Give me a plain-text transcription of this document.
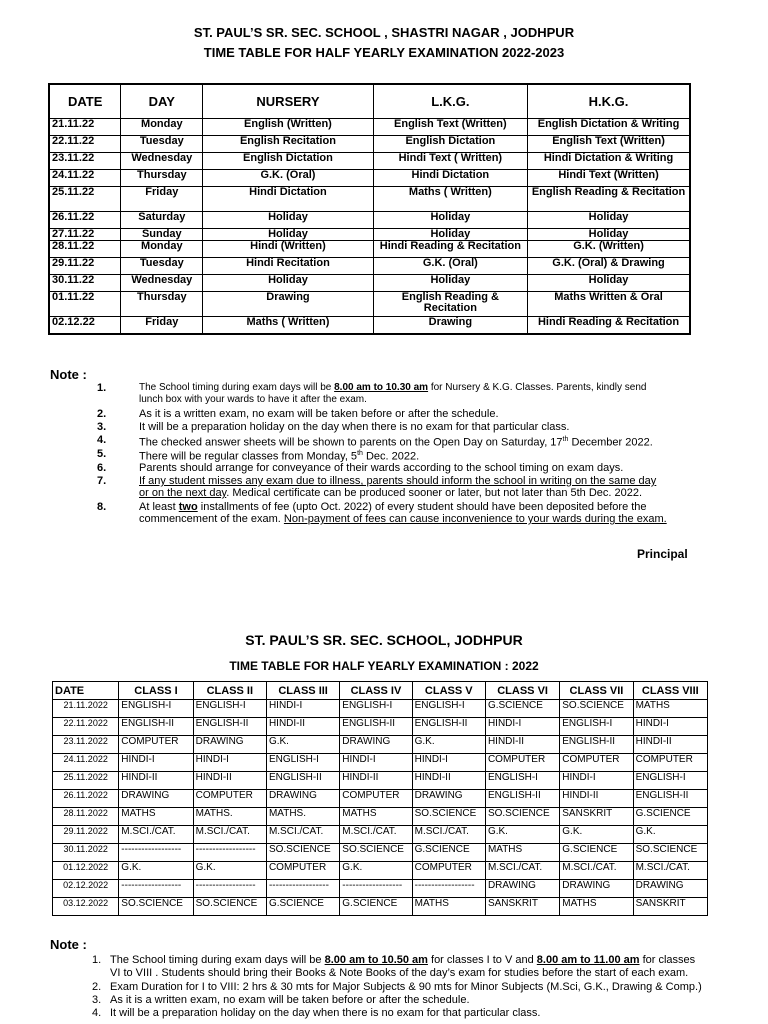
ST. PAUL’S SR. SEC. SCHOOL , SHASTRI NAGAR , JODHPUR
TIME TABLE FOR HALF YEARLY EXAMINATION 2022-2023
DATE	DAY	NURSERY	L.K.G.	H.K.G.
21.11.22	Monday	English (Written)	English Text (Written)	English Dictation & Writing
22.11.22	Tuesday	English Recitation	English Dictation	English Text (Written)
23.11.22	Wednesday	English Dictation	Hindi Text ( Written)	Hindi Dictation & Writing
24.11.22	Thursday	G.K. (Oral)	Hindi Dictation	Hindi Text (Written)
25.11.22	Friday	Hindi Dictation	Maths ( Written)	English Reading & Recitation
26.11.22	Saturday	Holiday	Holiday	Holiday
27.11.22	Sunday	Holiday	Holiday	Holiday
28.11.22	Monday	Hindi (Written)	Hindi Reading & Recitation	G.K. (Written)
29.11.22	Tuesday	Hindi Recitation	G.K. (Oral)	G.K. (Oral) & Drawing
30.11.22	Wednesday	Holiday	Holiday	Holiday
01.11.22	Thursday	Drawing	English Reading & Recitation	Maths Written & Oral
02.12.22	Friday	Maths ( Written)	Drawing	Hindi Reading & Recitation
Note :
1.	The School timing during exam days will be 8.00 am to 10.30 am for Nursery & K.G. Classes. Parents, kindly send
lunch box with your wards to have it after the exam.
2.	As it is a written exam, no exam will be taken before or after the schedule.
3.	It will be a preparation holiday on the day when there is no exam for that particular class.
4.	The checked answer sheets will be shown to parents on the Open Day on Saturday, 17th December 2022.
5.	There will be regular classes from Monday, 5th Dec. 2022.
6.	Parents should arrange for conveyance of their wards according to the school timing on exam days.
7.	If any student misses any exam due to illness, parents should inform the school in writing on the same day
or on the next day. Medical certificate can be produced sooner or later, but not later than 5th Dec. 2022.
8.	At least two installments of fee (upto Oct. 2022) of every student should have been deposited before the
commencement of the exam. Non-payment of fees can cause inconvenience to your wards during the exam.
Principal
ST. PAUL’S SR. SEC. SCHOOL, JODHPUR
TIME TABLE FOR HALF YEARLY EXAMINATION : 2022
DATE	CLASS I	CLASS II	CLASS III	CLASS IV	CLASS V	CLASS VI	CLASS VII	CLASS VIII
21.11.2022	ENGLISH-I	ENGLISH-I	HINDI-I	ENGLISH-I	ENGLISH-I	G.SCIENCE	SO.SCIENCE	MATHS
22.11.2022	ENGLISH-II	ENGLISH-II	HINDI-II	ENGLISH-II	ENGLISH-II	HINDI-I	ENGLISH-I	HINDI-I
23.11.2022	COMPUTER	DRAWING	G.K.	DRAWING	G.K.	HINDI-II	ENGLISH-II	HINDI-II
24.11.2022	HINDI-I	HINDI-I	ENGLISH-I	HINDI-I	HINDI-I	COMPUTER	COMPUTER	COMPUTER
25.11.2022	HINDI-II	HINDI-II	ENGLISH-II	HINDI-II	HINDI-II	ENGLISH-I	HINDI-I	ENGLISH-I
26.11.2022	DRAWING	COMPUTER	DRAWING	COMPUTER	DRAWING	ENGLISH-II	HINDI-II	ENGLISH-II
28.11.2022	MATHS	MATHS.	MATHS.	MATHS	SO.SCIENCE	SO.SCIENCE	SANSKRIT	G.SCIENCE
29.11.2022	M.SCI./CAT.	M.SCI./CAT.	M.SCI./CAT.	M.SCI./CAT.	M.SCI./CAT.	G.K.	G.K.	G.K.
30.11.2022	------------------	------------------	SO.SCIENCE	SO.SCIENCE	G.SCIENCE	MATHS	G.SCIENCE	SO.SCIENCE
01.12.2022	G.K.	G.K.	COMPUTER	G.K.	COMPUTER	M.SCI./CAT.	M.SCI./CAT.	M.SCI./CAT.
02.12.2022	------------------	------------------	------------------	------------------	------------------	DRAWING	DRAWING	DRAWING
03.12.2022	SO.SCIENCE	SO.SCIENCE	G.SCIENCE	G.SCIENCE	MATHS	SANSKRIT	MATHS	SANSKRIT
Note :
1. The School timing during exam days will be 8.00 am to 10.50 am for classes I to V and 8.00 am to 11.00 am for classes
VI to VIII . Students should bring their Books & Note Books of the day’s exam for studies before the start of each exam.
2. Exam Duration for I to VIII: 2 hrs & 30 mts for Major Subjects & 90 mts for Minor Subjects (M.Sci, G.K., Drawing & Comp.)
3. As it is a written exam, no exam will be taken before or after the schedule.
4. It will be a preparation holiday on the day when there is no exam for that particular class.
